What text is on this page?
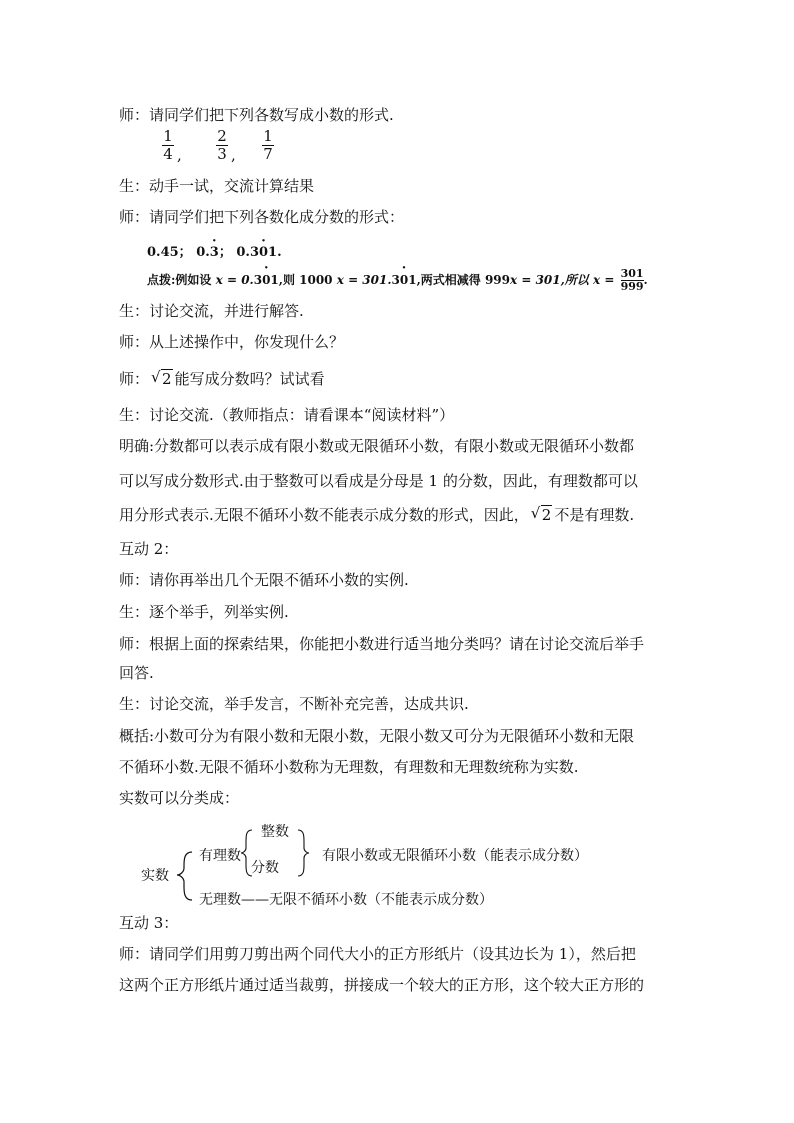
师：请同学们把下列各数写成小数的形式.
1
4 ,
2
3 ,
1
7
生：动手一试，交流计算结果
师：请同学们把下列各数化成分数的形式：
0.45； 0.3 ·； 0.301 ·.
点拨:例如设 x = 0.301 ·,则 1000 x = 301.301 ·,两式相减得 999x = 301,所以 $x = \frac{301}{999}$.
生：讨论交流，并进行解答.
师：从上述操作中，你发现什么？
师： √ 2 能写成分数吗？试试看
生：讨论交流.（教师指点：请看课本“阅读材料”）
明确:分数都可以表示成有限小数或无限循环小数，有限小数或无限循环小数都
可以写成分数形式.由于整数可以看成是分母是 1 的分数，因此，有理数都可以
用分形式表示.无限不循环小数不能表示成分数的形式，因此， √ 2 不是有理数.
互动 2：
师：请你再举出几个无限不循环小数的实例.
生：逐个举手，列举实例.
师：根据上面的探索结果，你能把小数进行适当地分类吗？请在讨论交流后举手
回答.
生：讨论交流，举手发言，不断补充完善，达成共识.
概括:小数可分为有限小数和无限小数，无限小数又可分为无限循环小数和无限
不循环小数.无限不循环小数称为无理数，有理数和无理数统称为实数.
实数可以分类成：
实数
有理数
整数
分数
有限小数或无限循环小数（能表示成分数）
无理数——无限不循环小数（不能表示成分数）
互动 3：
师：请同学们用剪刀剪出两个同代大小的正方形纸片（设其边长为 1），然后把
这两个正方形纸片通过适当裁剪，拼接成一个较大的正方形，这个较大正方形的
